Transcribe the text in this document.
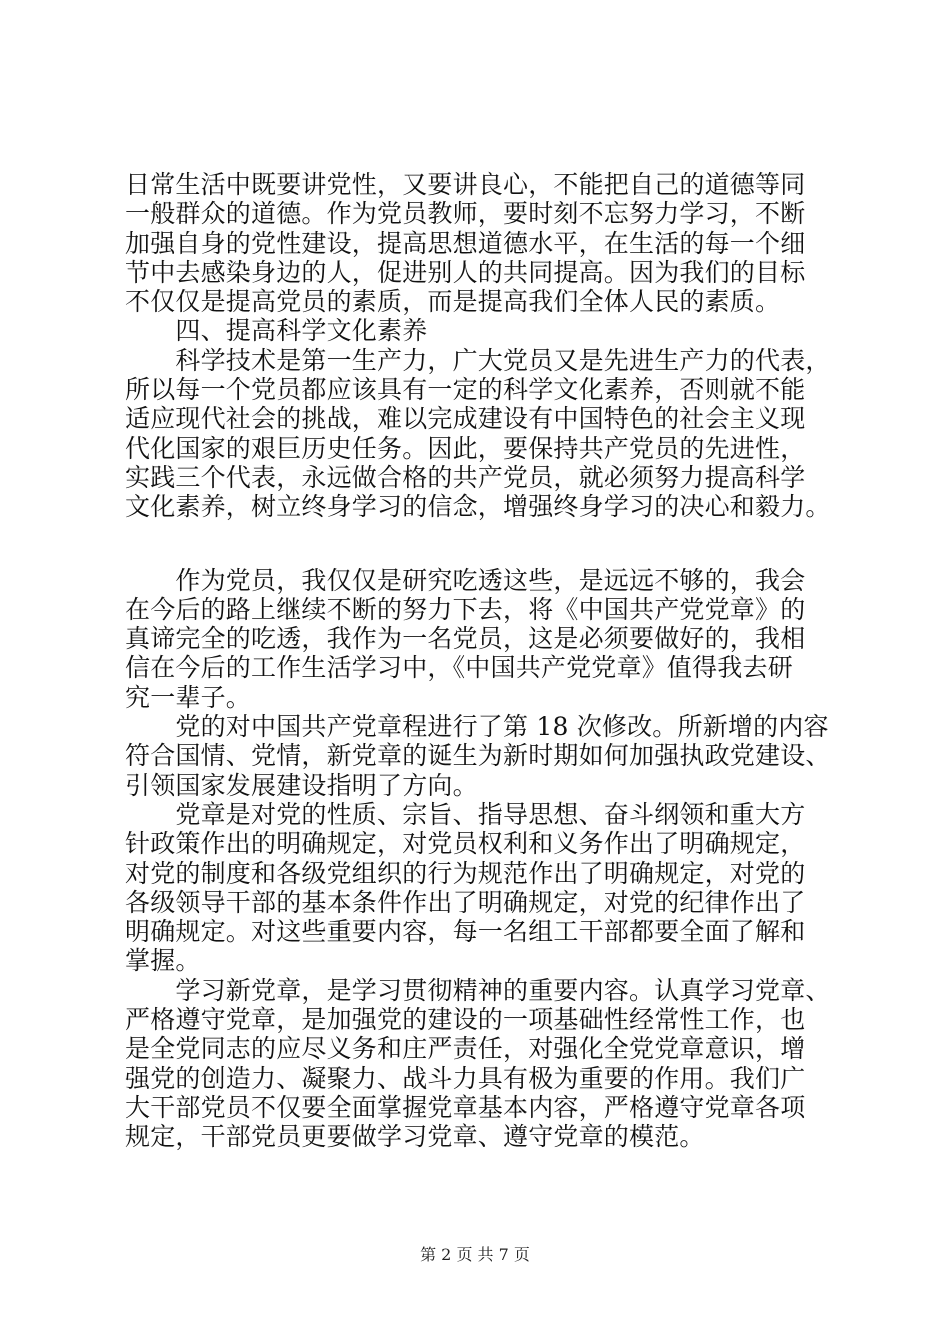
日常生活中既要讲党性，又要讲良心，不能把自己的道德等同
一般群众的道德。作为党员教师，要时刻不忘努力学习，不断
加强自身的党性建设，提高思想道德水平，在生活的每一个细
节中去感染身边的人，促进别人的共同提高。因为我们的目标
不仅仅是提高党员的素质，而是提高我们全体人民的素质。
　　四、提高科学文化素养
　　科学技术是第一生产力，广大党员又是先进生产力的代表，
所以每一个党员都应该具有一定的科学文化素养，否则就不能
适应现代社会的挑战，难以完成建设有中国特色的社会主义现
代化国家的艰巨历史任务。因此，要保持共产党员的先进性，
实践三个代表，永远做合格的共产党员，就必须努力提高科学
文化素养，树立终身学习的信念，增强终身学习的决心和毅力。
　　作为党员，我仅仅是研究吃透这些，是远远不够的，我会
在今后的路上继续不断的努力下去，将《中国共产党党章》的
真谛完全的吃透，我作为一名党员，这是必须要做好的，我相
信在今后的工作生活学习中，《中国共产党党章》值得我去研
究一辈子。
　　党的对中国共产党章程进行了第 18 次修改。所新增的内容
符合国情、党情，新党章的诞生为新时期如何加强执政党建设、
引领国家发展建设指明了方向。
　　党章是对党的性质、宗旨、指导思想、奋斗纲领和重大方
针政策作出的明确规定，对党员权利和义务作出了明确规定，
对党的制度和各级党组织的行为规范作出了明确规定，对党的
各级领导干部的基本条件作出了明确规定，对党的纪律作出了
明确规定。对这些重要内容，每一名组工干部都要全面了解和
掌握。
　　学习新党章，是学习贯彻精神的重要内容。认真学习党章、
严格遵守党章，是加强党的建设的一项基础性经常性工作，也
是全党同志的应尽义务和庄严责任，对强化全党党章意识，增
强党的创造力、凝聚力、战斗力具有极为重要的作用。我们广
大干部党员不仅要全面掌握党章基本内容，严格遵守党章各项
规定，干部党员更要做学习党章、遵守党章的模范。
第 2 页 共 7 页
